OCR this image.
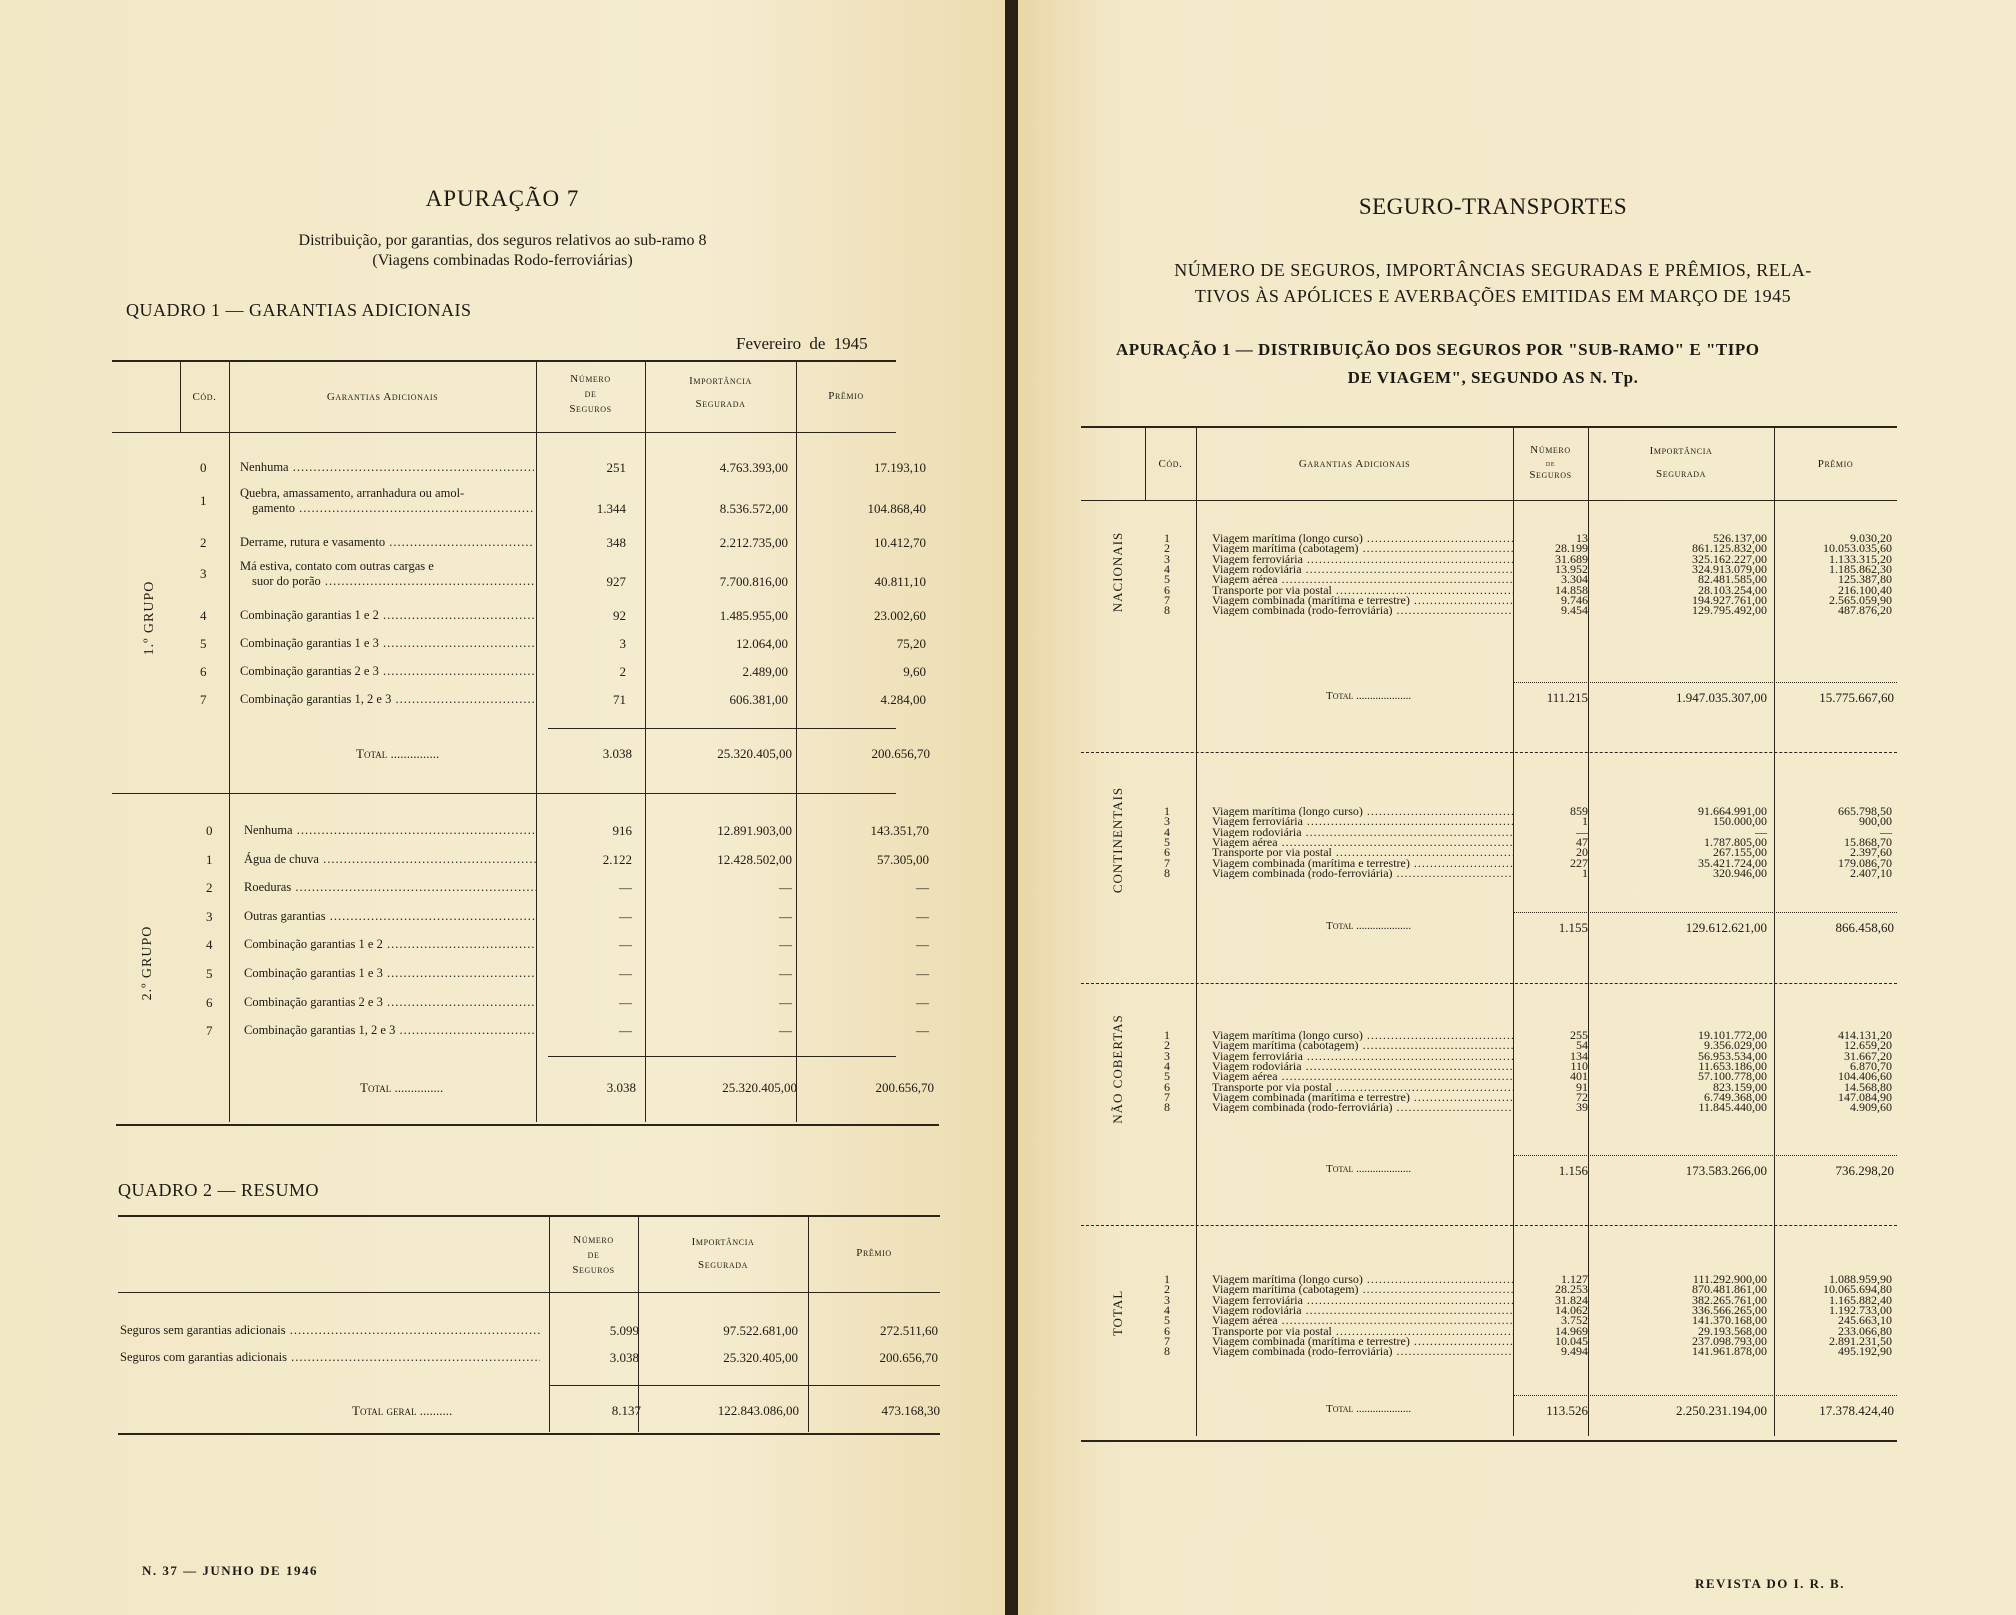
APURAÇÃO 7
Distribuição, por garantias, dos seguros relativos ao sub-ramo 8
(Viagens combinadas Rodo-ferroviárias)
QUADRO 1 — GARANTIAS ADICIONAIS
Fevereiro de 1945
Cód.	Garantias Adicionais
Número
de
Seguros
Importância
Segurada
Prêmio
1.º GRUPO
0	Nenhuma .....	251	4.763.393,00	17.193,10
1	Quebra, amassamento, arranhadura ou amol-
gamento .....	1.344	8.536.572,00	104.868,40
2	Derrame, rutura e vasamento .....	348	2.212.735,00	10.412,70
3	Má estiva, contato com outras cargas e
suor do porão .....	927	7.700.816,00	40.811,10
4	Combinação garantias 1 e 2 .....	92	1.485.955,00	23.002,60
5	Combinação garantias 1 e 3 .....	3	12.064,00	75,20
6	Combinação garantias 2 e 3 .....	2	2.489,00	9,60
7	Combinação garantias 1, 2 e 3 .....	71	606.381,00	4.284,00
Total ...............	3.038	25.320.405,00	200.656,70
2.º GRUPO
0	Nenhuma .....	916	12.891.903,00	143.351,70
1	Água de chuva .....	2.122	12.428.502,00	57.305,00
2	Roeduras .....	—	—	—
3	Outras garantias .....	—	—	—
4	Combinação garantias 1 e 2 .....	—	—	—
5	Combinação garantias 1 e 3 .....	—	—	—
6	Combinação garantias 2 e 3 .....	—	—	—
7	Combinação garantias 1, 2 e 3 .....	—	—	—
Total ...............	3.038	25.320.405,00	200.656,70
QUADRO 2 — RESUMO
Número
de
Seguros
Importância
Segurada
Prêmio
Seguros sem garantias adicionais .....	5.099	97.522.681,00	272.511,60
Seguros com garantias adicionais .....	3.038	25.320.405,00	200.656,70
Total geral ..........	8.137	122.843.086,00	473.168,30
N. 37 — JUNHO DE 1946
SEGURO-TRANSPORTES
NÚMERO DE SEGUROS, IMPORTÂNCIAS SEGURADAS E PRÊMIOS, RELA-
TIVOS ÀS APÓLICES E AVERBAÇÕES EMITIDAS EM MARÇO DE 1945
APURAÇÃO 1 — DISTRIBUIÇÃO DOS SEGUROS POR "SUB-RAMO" E "TIPO
DE VIAGEM", SEGUNDO AS N. Tp.
Cód.	Garantias Adicionais
Número
de
Seguros
Importância
Segurada
Prêmio
NACIONAIS	1	Viagem marítima (longo curso) .....	13	526.137,00	9.030,20
2	Viagem marítima (cabotagem) .....	28.199	861.125.832,00	10.053.035,60
3	Viagem ferroviária .....	31.689	325.162.227,00	1.133.315,20
4	Viagem rodoviária .....	13.952	324.913.079,00	1.185.862,30
5	Viagem aérea .....	3.304	82.481.585,00	125.387,80
6	Transporte por via postal .....	14.858	28.103.254,00	216.100,40
7	Viagem combinada (marítima e terrestre) .....	9.746	194.927.761,00	2.565.059,90
8	Viagem combinada (rodo-ferroviária) .....	9.454	129.795.492,00	487.876,20
Total ....................	111.215	1.947.035.307,00	15.775.667,60
CONTINENTAIS	1	Viagem marítima (longo curso) .....	859	91.664.991,00	665.798,50
3	Viagem ferroviária .....	1	150.000,00	900,00
4	Viagem rodoviária .....	—	—	—
5	Viagem aérea .....	47	1.787.805,00	15.868,70
6	Transporte por via postal .....	20	267.155,00	2.397,60
7	Viagem combinada (marítima e terrestre) .....	227	35.421.724,00	179.086,70
8	Viagem combinada (rodo-ferroviária) .....	1	320.946,00	2.407,10
Total ....................	1.155	129.612.621,00	866.458,60
NÃO COBERTAS	1	Viagem marítima (longo curso) .....	255	19.101.772,00	414.131,20
2	Viagem marítima (cabotagem) .....	54	9.356.029,00	12.659,20
3	Viagem ferroviária .....	134	56.953.534,00	31.667,20
4	Viagem rodoviária .....	110	11.653.186,00	6.870,70
5	Viagem aérea .....	401	57.100.778,00	104.406,60
6	Transporte por via postal .....	91	823.159,00	14.568,80
7	Viagem combinada (marítima e terrestre) .....	72	6.749.368,00	147.084,90
8	Viagem combinada (rodo-ferroviária) .....	39	11.845.440,00	4.909,60
Total ....................	1.156	173.583.266,00	736.298,20
TOTAL
1	Viagem marítima (longo curso) .....	1.127	111.292.900,00	1.088.959,90
2	Viagem marítima (cabotagem) .....	28.253	870.481.861,00	10.065.694,80
3	Viagem ferroviária .....	31.824	382.265.761,00	1.165.882,40
4	Viagem rodoviária .....	14.062	336.566.265,00	1.192.733,00
5	Viagem aérea .....	3.752	141.370.168,00	245.663,10
6	Transporte por via postal .....	14.969	29.193.568,00	233.066,80
7	Viagem combinada (marítima e terrestre) .....	10.045	237.098.793,00	2.891.231,50
8	Viagem combinada (rodo-ferroviária) .....	9.494	141.961.878,00	495.192,90
Total ....................	113.526	2.250.231.194,00	17.378.424,40
REVISTA DO I. R. B.
